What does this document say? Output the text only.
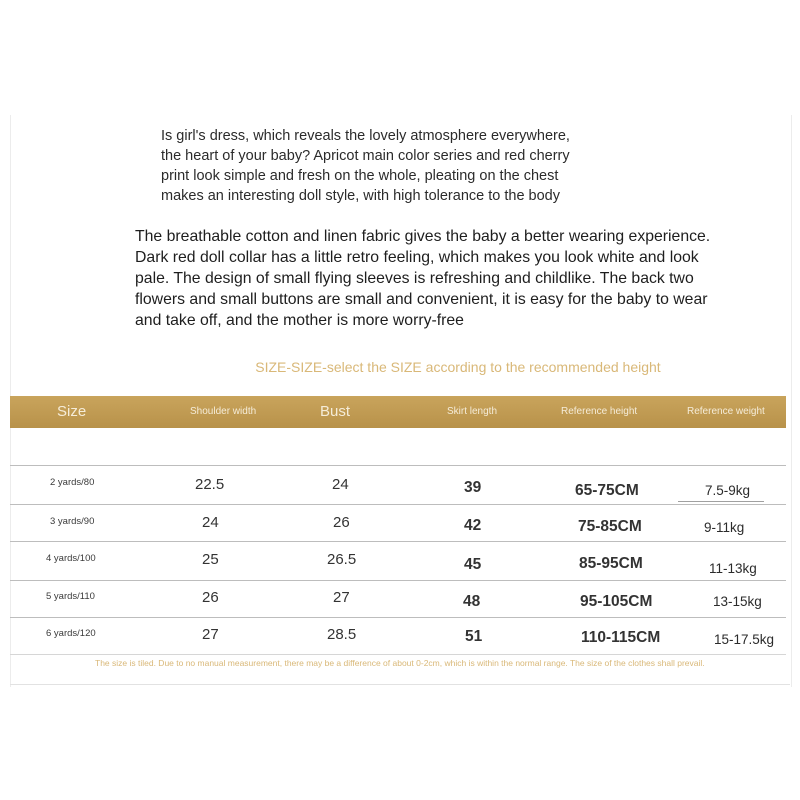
Is girl's dress, which reveals the lovely atmosphere everywhere,
the heart of your baby? Apricot main color series and red cherry
print look simple and fresh on the whole, pleating on the chest
makes an interesting doll style, with high tolerance to the body

The breathable cotton and linen fabric gives the baby a better wearing experience.
Dark red doll collar has a little retro feeling, which makes you look white and look
pale. The design of small flying sleeves is refreshing and childlike. The back two
flowers and small buttons are small and convenient, it is easy for the baby to wear
and take off, and the mother is more worry-free

SIZE-SIZE-select the SIZE according to the recommended height

Size	Shoulder width	Bust	Skirt length	Reference height	Reference weight
2 yards/80	22.5	24	39	65-75CM	7.5-9kg
3 yards/90	24	26	42	75-85CM	9-11kg
4 yards/100	25	26.5	45	85-95CM	11-13kg
5 yards/110	26	27	48	95-105CM	13-15kg
6 yards/120	27	28.5	51	110-115CM	15-17.5kg

The size is tiled. Due to no manual measurement, there may be a difference of about 0-2cm, which is within the normal range. The size of the clothes shall prevail.
